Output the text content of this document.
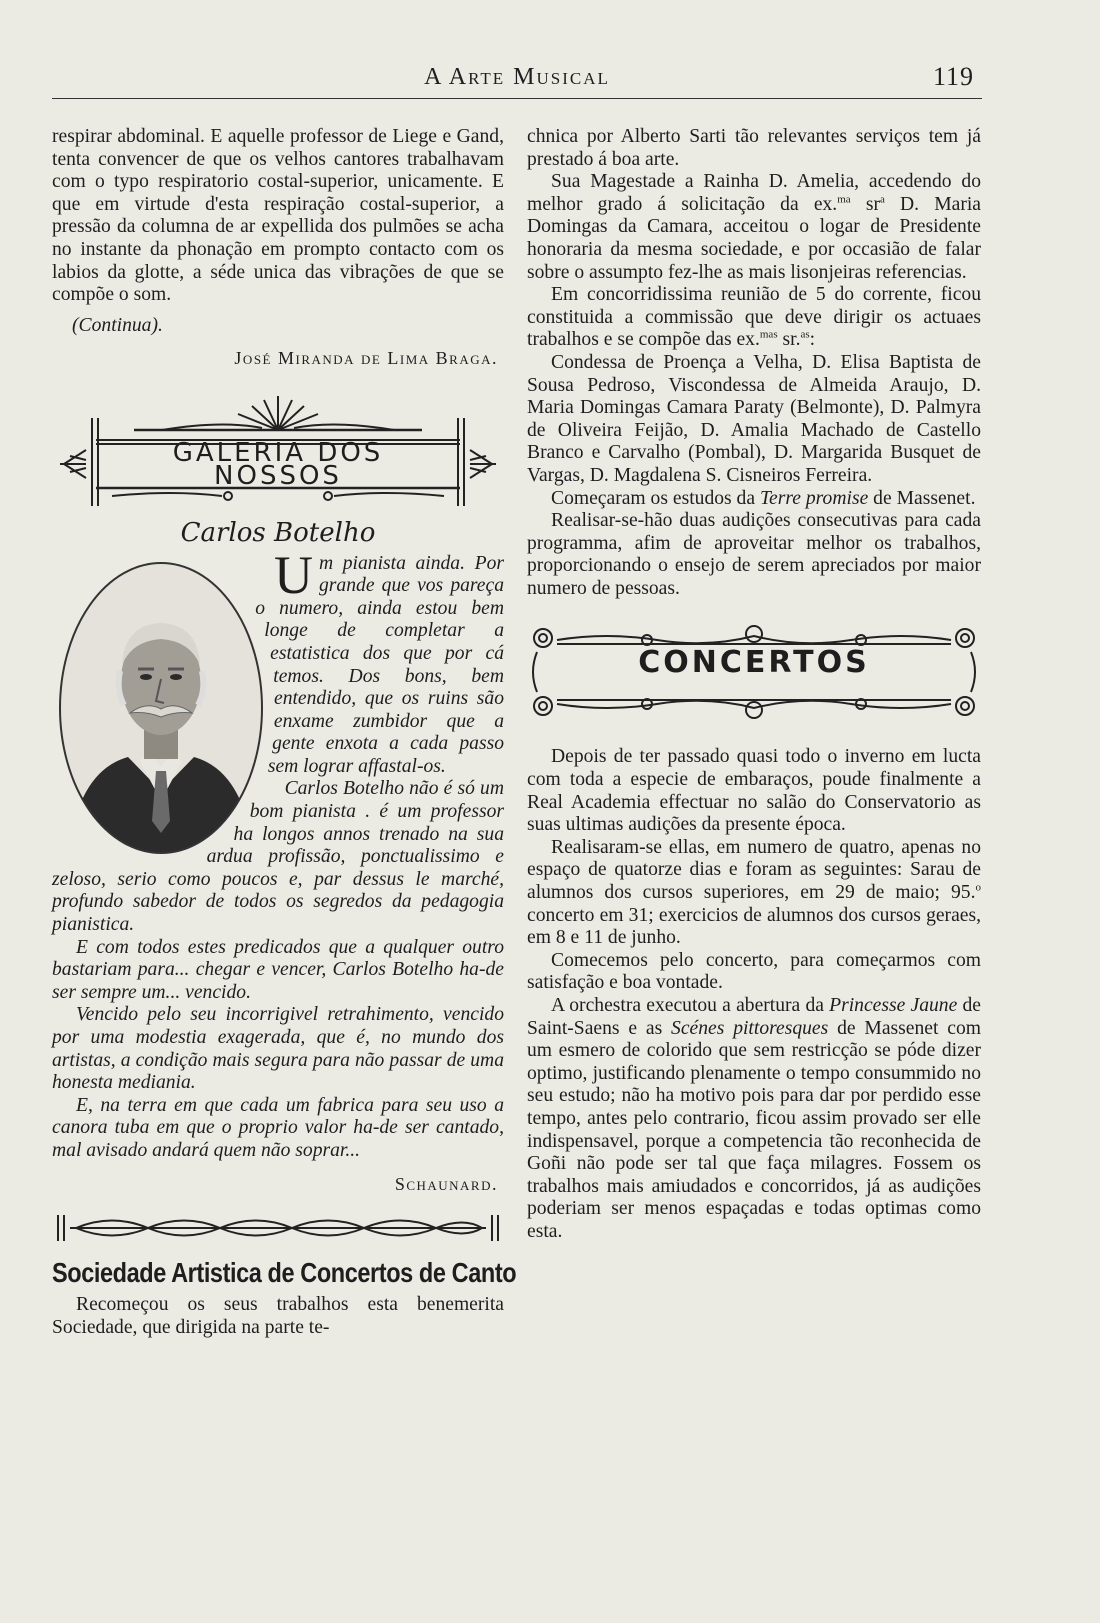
A Arte Musical	119

respirar abdominal. E aquelle professor de Liege e Gand, tenta convencer de que os velhos cantores trabalhavam com o typo respiratorio costal-superior, unicamente. E que em virtude d'esta respiração costal-superior, a pressão da columna de ar expellida dos pulmões se acha no instante da phonação em prompto contacto com os labios da glotte, a séde unica das vibrações de que se compõe o som.

(Continua).

José Miranda de Lima Braga.

GALERIA DOS NOSSOS
Carlos Botelho
U m pianista ainda. Por grande que vos pareça o numero, ainda estou bem longe de completar a estatistica dos que por cá temos. Dos bons, bem entendido, que os ruins são enxame zumbidor que a gente enxota a cada passo sem lograr affastal-os.

Carlos Botelho não é só um bom pianista . é um professor ha longos annos trenado na sua ardua profissão, ponctualissimo e zeloso, serio como poucos e, par dessus le marché, profundo sabedor de todos os segredos da pedagogia pianistica.

E com todos estes predicados que a qualquer outro bastariam para... chegar e vencer, Carlos Botelho ha-de ser sempre um... vencido.

Vencido pelo seu incorrigivel retrahimento, vencido por uma modestia exagerada, que é, no mundo dos artistas, a condição mais segura para não passar de uma honesta mediania.

E, na terra em que cada um fabrica para seu uso a canora tuba em que o proprio valor ha-de ser cantado, mal avisado andará quem não soprar...

Schaunard.

Sociedade Artistica de Concertos de Canto

Recomeçou os seus trabalhos esta benemerita Sociedade, que dirigida na parte te-

chnica por Alberto Sarti tão relevantes serviços tem já prestado á boa arte.

Sua Magestade a Rainha D. Amelia, accedendo do melhor grado á solicitação da ex.$^{ma}$ $sr^a$ D. Maria Domingas da Camara, acceitou o logar de Presidente honoraria da mesma sociedade, e por occasião de falar sobre o assumpto fez-lhe as mais lisonjeiras referencias.

Em concorridissima reunião de 5 do corrente, ficou constituida a commissão que deve dirigir os actuaes trabalhos e se compõe das ex.$^{mas}$ sr.$^{as}$:

Condessa de Proença a Velha, D. Elisa Baptista de Sousa Pedroso, Viscondessa de Almeida Araujo, D. Maria Domingas Camara Paraty (Belmonte), D. Palmyra de Oliveira Feijão, D. Amalia Machado de Castello Branco e Carvalho (Pombal), D. Margarida Busquet de Vargas, D. Magdalena S. Cisneiros Ferreira.

Começaram os estudos da Terre promise de Massenet.

Realisar-se-hão duas audições consecutivas para cada programma, afim de aproveitar melhor os trabalhos, proporcionando o ensejo de serem apreciados por maior numero de pessoas.

CONCERTOS

Depois de ter passado quasi todo o inverno em lucta com toda a especie de embaraços, poude finalmente a Real Academia effectuar no salão do Conservatorio as suas ultimas audições da presente época.

Realisaram-se ellas, em numero de quatro, apenas no espaço de quatorze dias e foram as seguintes: Sarau de alumnos dos cursos superiores, em 29 de maio; 95.$^o$ concerto em 31; exercicios de alumnos dos cursos geraes, em 8 e 11 de junho.

Comecemos pelo concerto, para começarmos com satisfação e boa vontade.

A orchestra executou a abertura da Princesse Jaune de Saint-Saens e as Scénes pittoresques de Massenet com um esmero de colorido que sem restricção se póde dizer optimo, justificando plenamente o tempo consummido no seu estudo; não ha motivo pois para dar por perdido esse tempo, antes pelo contrario, ficou assim provado ser elle indispensavel, porque a competencia tão reconhecida de Goñi não pode ser tal que faça milagres. Fossem os trabalhos mais amiudados e concorridos, já as audições poderiam ser menos espaçadas e todas optimas como esta.
